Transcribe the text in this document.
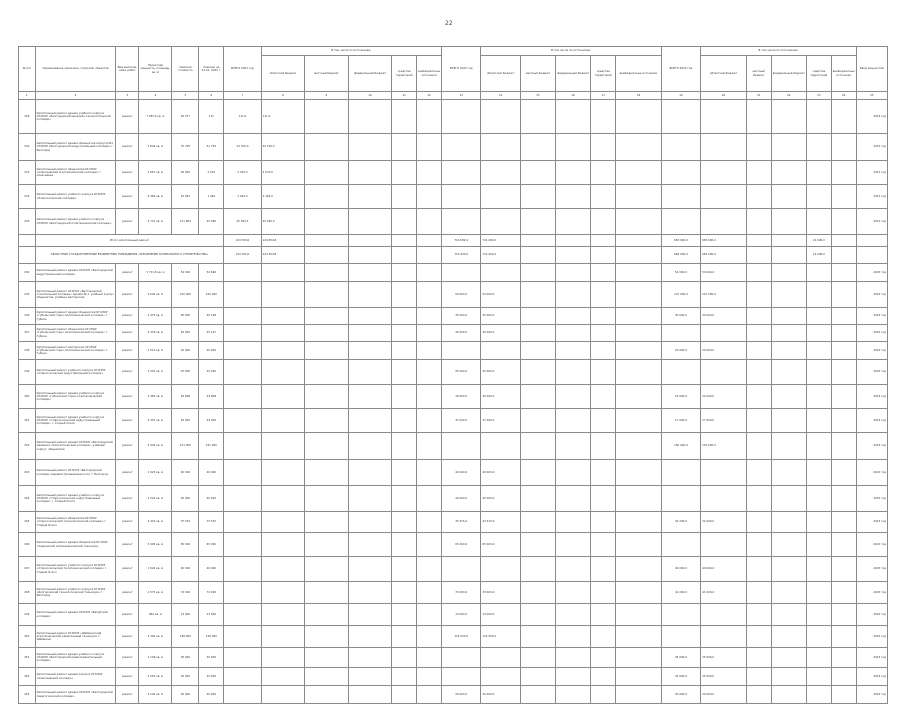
22
№ п/п	Наименование заказчика, отраслей, объектов	Вид выполня-емых работ	Проектная мощность, площадь, кв. м	Сметная стоимость	Освоено на 01.01. 2021 г.	ВСЕГО 2021 год	В том числе по источникам:					ВСЕГО 2022 год	В том числе по источникам:					ВСЕГО 2023 год	В том числе по источникам:					Ввод мощностей
							областной бюджет	местный бюджет	федеральный бюджет	средства территорий	внебюджетные источники		областной бюджет	местный бюджет	федеральный бюджет	средства территорий	внебюджетные источники		областной бюджет	местный бюджет	федеральный бюджет	средства территорий	внебюджетные источники	
1	2	3	4	5	6	7	8	9	10	11	12	13	14	15	16	17	18	19	20	21	22	23	24	25
229	Капитальный ремонт здания учебного корпуса ОГАПОУ «Белгородский механико-технологический колледж»	ремонт	7 283,0 кв. м	50 077	131	711,0	711,0																	2023 год
230	Капитальный ремонт здания общежития корпуса №1 ОГАПОУ «Белгородский индустриальный колледж» г. Белгород	ремонт	3 826 кв. м	75 705	51 750	24 700,0	24 700,0																	2021 год
231	Капитальный ремонт общежития ОГАПОУ «Алексеевский агротехнический колледж» г. Алексеевка	ремонт	3 667 кв. м	26 000	2 070	2 070,0	2 070,0																	2021 год
232	Капитальный ремонт учебного корпуса ОГАПОУ «Новооскольский колледж»	ремонт	5 469 кв. м	22 645	1 462	1 462,0	1 462,0																	2021 год
233	Капитальный ремонт здания учебного корпуса ОГАПОУ «Белгородский политехнический колледж»	ремонт	4 747 кв. м	111 804	25 486	25 495,4	25 495,4																	2021 год
	Итого капитальный ремонт					124 760,0	124 654,8					714 682,9	714 400,0					683 000,0	683 000,0			21 006,0		
	ОБЛАСТНЫЕ ГОСУДАРСТВЕННЫЕ БЮДЖЕТНЫЕ УЧРЕЖДЕНИЯ «УПРАВЛЕНИЕ КАПИТАЛЬНОГО СТРОИТЕЛЬСТВА»					124 760,0	124 654,8					714 400,0	714 400,0					683 000,0	683 000,0			14 006,0		
234	Капитальный ремонт здания ОГАПОУ «Белгородский индустриальный колледж»	ремонт	5 711,8 кв. м	54 000	54 696													54 000,0	54 000,0					2023 год
235	Капитальный ремонт ОГАПОУ «Белгородский строительный колледж» здания № 1, учебный корпус, общежитие, учебные мастерские	ремонт	9 000 кв. м	150 000	150 000							50 000,0	50 000,0					147 000,0	147 000,0					2023 год
236	Капитальный ремонт здания общежития ОГАПОУ «Губкинский горно-политехнический колледж» г. Губкин	ремонт	2 473 кв. м	65 000	65 198							35 000,0	35 000,0					30 000,0	30 000,0					2023 год
237	Капитальный ремонт общежития ОГАПОУ «Губкинский горно-политехнический колледж» г. Губкин	ремонт	2 476 кв. м	45 000	45 197							45 000,0	45 000,0											2022 год
238	Капитальный ремонт мастерских ОГАПОУ «Губкинский горно-политехнический колледж» г. Губкин	ремонт	2 513 кв. м	20 000	20 000													20 000,0	20 000,0					2023 год
239	Капитальный ремонт учебного корпуса ОГАПОУ «Старооскольский индустриальный колледж»	ремонт	3 207 кв. м	25 000	25 000							25 000,0	25 000,0											2022 год
240	Капитальный ремонт здания учебного корпуса ОГАПОУ «Губкинский горно-политехнический колледж»	ремонт	1 483 кв. м	54 808	54 808							30 000,0	30 000,0					24 000,0	24 000,0					2023 год
241	Капитальный ремонт здания учебного корпуса ОГАПОУ «Старооскольский индустриальный колледж» г. Старый Оскол	ремонт	2 497 кв. м	54 000	54 000							37 000,0	37 000,0					17 000,0	17 000,0					2023 год
242	Капитальный ремонт здания ОГАПОУ «Белгородский механико-технологический колледж», учебный корпус, общежитие	ремонт	5 934 кв. м	151 000	151 000													150 000,0	150 000,0					2023 год
243	Капитальный ремонт ОГАПОУ «Белгородский колледж пищевой промышленности» г. Белгород	ремонт	1 923 кв. м	40 000	40 000							40 000,0	40 000,0											2022 год
244	Капитальный ремонт здания учебного корпуса ОГАПОУ «Старооскольский индустриальный колледж» г. Старый Оскол	ремонт	2 223 кв. м	40 000	40 000							40 000,0	40 000,0											2022 год
245	Капитальный ремонт общежития ОГАПОУ «Старооскольский технологический колледж» г. Старый Оскол	ремонт	3 423 кв. м	75 515	75 515							43 315,0	43 315,0					32 200,0	32 200,0					2023 год
246	Капитальный ремонт здания общежития ОГАПОУ «Чернянский агромеханический техникум»	ремонт	3 495 кв. м	65 000	65 000							65 000,0	65 000,0											2022 год
247	Капитальный ремонт учебного корпуса ОГАПОУ «Старооскольский политехнический колледж» г. Старый Оскол	ремонт	1 624 кв. м	40 000	40 000													40 000,0	40 000,0					2023 год
248	Капитальный ремонт учебного корпуса ОГАПОУ «Белгородский технологический техникум» г. Белгород	ремонт	2 575 кв. м	74 000	74 000							33 000,0	33 000,0					41 000,0	41 000,0					2023 год
249	Капитальный ремонт здания ОГАПОУ «Валуйский колледж»	ремонт	964 кв. м	13 000	13 000							13 000,0	13 000,0											2022 год
250	Капитальный ремонт ОГАПОУ «Шебекинский агротехнический ремесленный техникум» г. Шебекино	ремонт	4 392 кв. м	148 000	148 000							114 500,0	114 500,0											2022 год
251	Капитальный ремонт здания учебного корпуса ОГАПОУ «Белгородский правоохранительный колледж»	ремонт	1 148 кв. м	35 000	35 000													35 000,0	35 000,0					2023 год
252	Капитальный ремонт здания корпуса ОГАПОУ «Алексеевский колледж»	ремонт	2 250 кв. м	35 000	35 000													35 000,0	35 000,0					2023 год
253	Капитальный ремонт здания ОГАПОУ «Белгородский педагогический колледж»	ремонт	4 100 кв. м	50 000	50 000							20 000,0	20 000,0					30 000,0	30 000,0					2023 год
